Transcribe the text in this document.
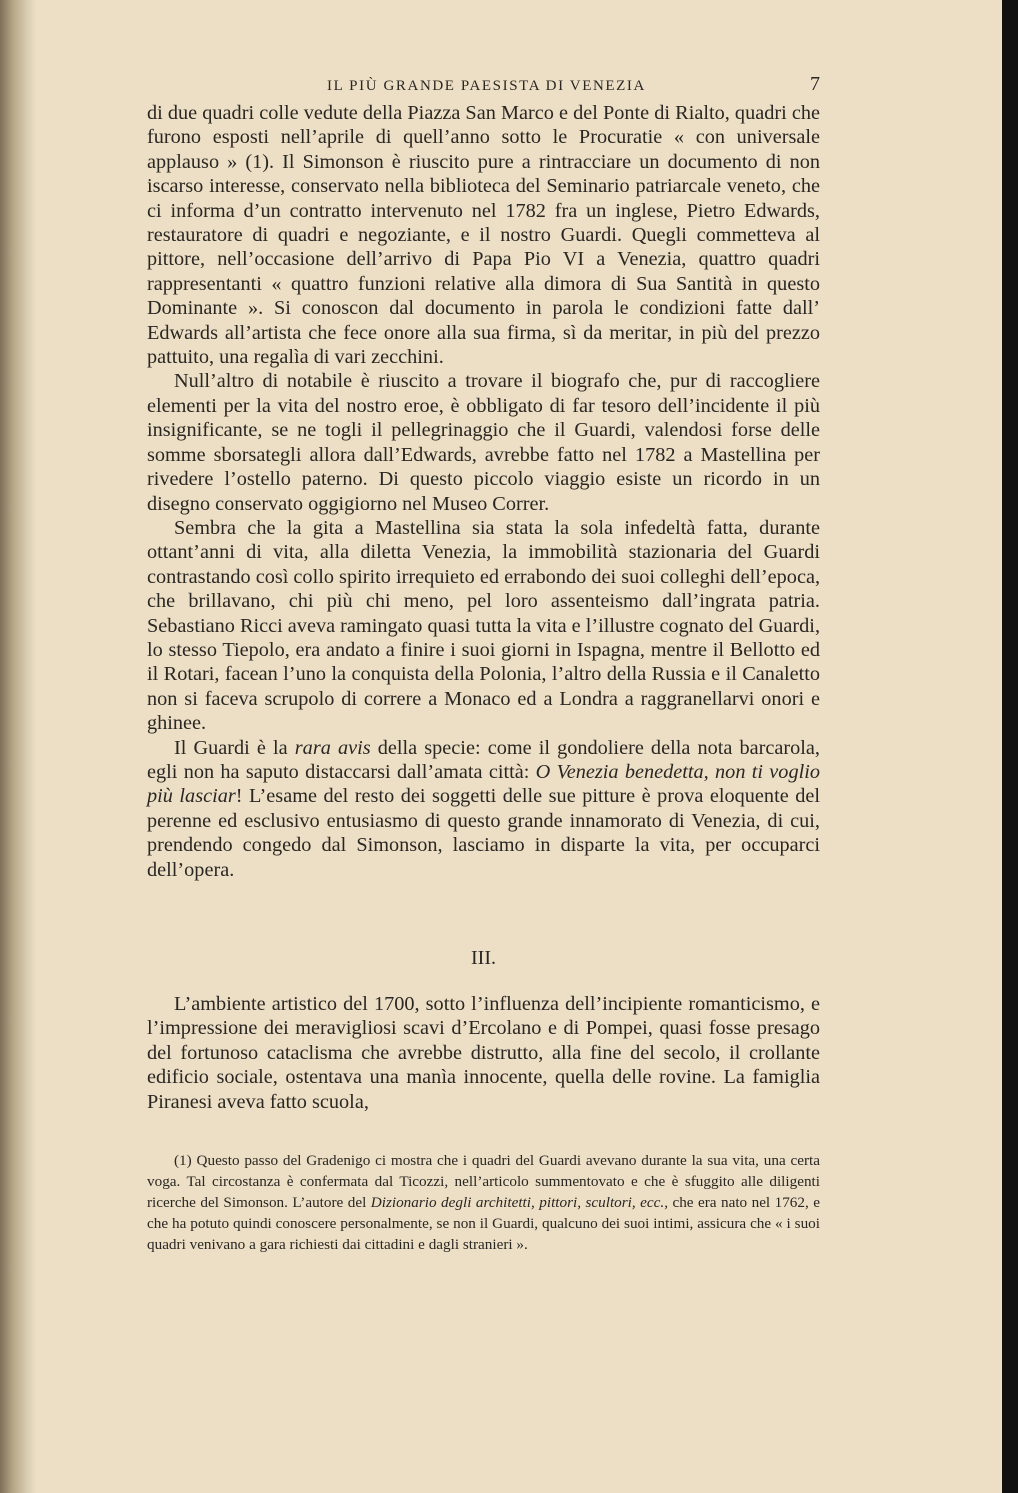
IL PIÙ GRANDE PAESISTA DI VENEZIA	7

di due quadri colle vedute della Piazza San Marco e del Ponte di Rialto, quadri che furono esposti nell’aprile di quell’anno sotto le Procuratie « con universale applauso » (1). Il Simonson è riuscito pure a rintracciare un documento di non iscarso interesse, conservato nella biblioteca del Seminario patriarcale veneto, che ci informa d’un contratto intervenuto nel 1782 fra un inglese, Pietro Edwards, restauratore di quadri e negoziante, e il nostro Guardi. Quegli commetteva al pittore, nell’occasione dell’arrivo di Papa Pio VI a Venezia, quattro quadri rappresentanti « quattro funzioni relative alla dimora di Sua Santità in questo Dominante ». Si conoscon dal documento in parola le condizioni fatte dall’ Edwards all’artista che fece onore alla sua firma, sì da meritar, in più del prezzo pattuito, una regalìa di vari zecchini.

Null’altro di notabile è riuscito a trovare il biografo che, pur di raccogliere elementi per la vita del nostro eroe, è obbligato di far tesoro dell’incidente il più insignificante, se ne togli il pellegrinaggio che il Guardi, valendosi forse delle somme sborsategli allora dall’Edwards, avrebbe fatto nel 1782 a Mastellina per rivedere l’ostello paterno. Di questo piccolo viaggio esiste un ricordo in un disegno conservato oggigiorno nel Museo Correr.

Sembra che la gita a Mastellina sia stata la sola infedeltà fatta, durante ottant’anni di vita, alla diletta Venezia, la immobilità stazionaria del Guardi contrastando così collo spirito irrequieto ed errabondo dei suoi colleghi dell’epoca, che brillavano, chi più chi meno, pel loro assenteismo dall’ingrata patria. Sebastiano Ricci aveva ramingato quasi tutta la vita e l’illustre cognato del Guardi, lo stesso Tiepolo, era andato a finire i suoi giorni in Ispagna, mentre il Bellotto ed il Rotari, facean l’uno la conquista della Polonia, l’altro della Russia e il Canaletto non si faceva scrupolo di correre a Monaco ed a Londra a raggranellarvi onori e ghinee.

Il Guardi è la rara avis della specie: come il gondoliere della nota barcarola, egli non ha saputo distaccarsi dall’amata città: O Venezia benedetta, non ti voglio più lasciar! L’esame del resto dei soggetti delle sue pitture è prova eloquente del perenne ed esclusivo entusiasmo di questo grande innamorato di Venezia, di cui, prendendo congedo dal Simonson, lasciamo in disparte la vita, per occuparci dell’opera.

III.

L’ambiente artistico del 1700, sotto l’influenza dell’incipiente romanticismo, e l’impressione dei meravigliosi scavi d’Ercolano e di Pompei, quasi fosse presago del fortunoso cataclisma che avrebbe distrutto, alla fine del secolo, il crollante edificio sociale, ostentava una manìa innocente, quella delle rovine. La famiglia Piranesi aveva fatto scuola,

(1) Questo passo del Gradenigo ci mostra che i quadri del Guardi avevano durante la sua vita, una certa voga. Tal circostanza è confermata dal Ticozzi, nell’articolo summentovato e che è sfuggito alle diligenti ricerche del Simonson. L’autore del Dizionario degli architetti, pittori, scultori, ecc., che era nato nel 1762, e che ha potuto quindi conoscere personalmente, se non il Guardi, qualcuno dei suoi intimi, assicura che « i suoi quadri venivano a gara richiesti dai cittadini e dagli stranieri ».
